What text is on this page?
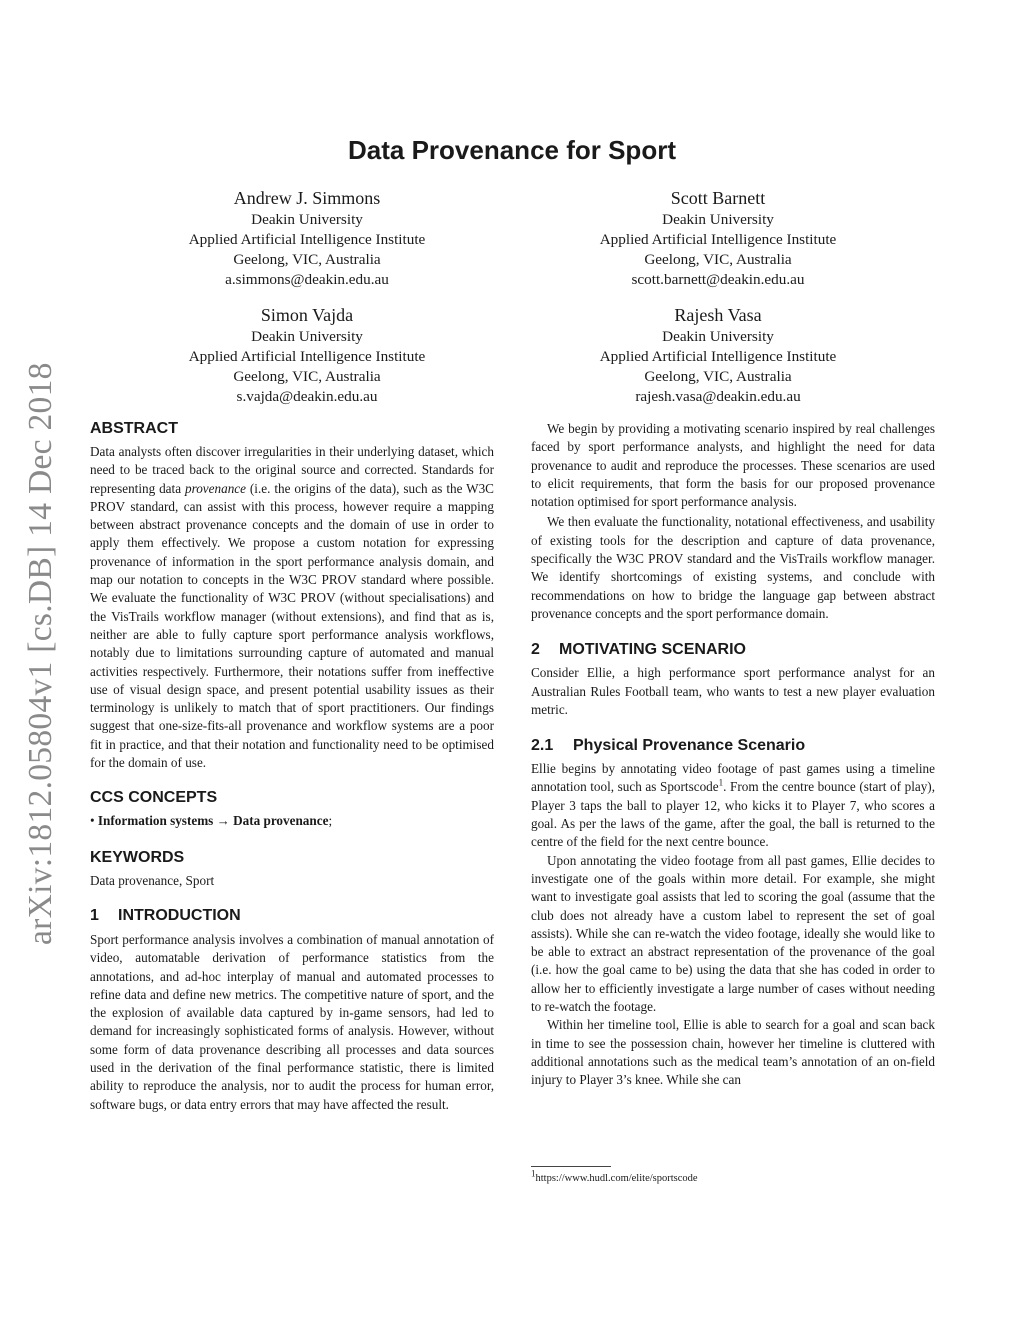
arXiv:1812.05804v1 [cs.DB] 14 Dec 2018
Data Provenance for Sport
Andrew J. Simmons
Deakin University
Applied Artificial Intelligence Institute
Geelong, VIC, Australia
a.simmons@deakin.edu.au
Scott Barnett
Deakin University
Applied Artificial Intelligence Institute
Geelong, VIC, Australia
scott.barnett@deakin.edu.au
Simon Vajda
Deakin University
Applied Artificial Intelligence Institute
Geelong, VIC, Australia
s.vajda@deakin.edu.au
Rajesh Vasa
Deakin University
Applied Artificial Intelligence Institute
Geelong, VIC, Australia
rajesh.vasa@deakin.edu.au
ABSTRACT

Data analysts often discover irregularities in their underlying dataset, which need to be traced back to the original source and corrected. Standards for representing data provenance (i.e. the origins of the data), such as the W3C PROV standard, can assist with this process, however require a mapping between abstract provenance concepts and the domain of use in order to apply them effectively. We propose a custom notation for expressing provenance of information in the sport performance analysis domain, and map our notation to concepts in the W3C PROV standard where possible. We evaluate the functionality of W3C PROV (without specialisations) and the VisTrails workflow manager (without extensions), and find that as is, neither are able to fully capture sport performance analysis workflows, notably due to limitations surrounding capture of automated and manual activities respectively. Furthermore, their notations suffer from ineffective use of visual design space, and present potential usability issues as their terminology is unlikely to match that of sport practitioners. Our findings suggest that one-size-fits-all provenance and workflow systems are a poor fit in practice, and that their notation and functionality need to be optimised for the domain of use.

CCS CONCEPTS

• Information systems → Data provenance;

KEYWORDS

Data provenance, Sport

1 INTRODUCTION

Sport performance analysis involves a combination of manual annotation of video, automatable derivation of performance statistics from the annotations, and ad-hoc interplay of manual and automated processes to refine data and define new metrics. The competitive nature of sport, and the the explosion of available data captured by in-game sensors, had led to demand for increasingly sophisticated forms of analysis. However, without some form of data provenance describing all processes and data sources used in the derivation of the final performance statistic, there is limited ability to reproduce the analysis, nor to audit the process for human error, software bugs, or data entry errors that may have affected the result.

We begin by providing a motivating scenario inspired by real challenges faced by sport performance analysts, and highlight the need for data provenance to audit and reproduce the processes. These scenarios are used to elicit requirements, that form the basis for our proposed provenance notation optimised for sport performance analysis.

We then evaluate the functionality, notational effectiveness, and usability of existing tools for the description and capture of data provenance, specifically the W3C PROV standard and the VisTrails workflow manager. We identify shortcomings of existing systems, and conclude with recommendations on how to bridge the language gap between abstract provenance concepts and the sport performance domain.

2 MOTIVATING SCENARIO

Consider Ellie, a high performance sport performance analyst for an Australian Rules Football team, who wants to test a new player evaluation metric.

2.1 Physical Provenance Scenario

Ellie begins by annotating video footage of past games using a timeline annotation tool, such as Sportscode$^1$. From the centre bounce (start of play), Player 3 taps the ball to player 12, who kicks it to Player 7, who scores a goal. As per the laws of the game, after the goal, the ball is returned to the centre of the field for the next centre bounce.

Upon annotating the video footage from all past games, Ellie decides to investigate one of the goals within more detail. For example, she might want to investigate goal assists that led to scoring the goal (assume that the club does not already have a custom label to represent the set of goal assists). While she can re-watch the video footage, ideally she would like to be able to extract an abstract representation of the provenance of the goal (i.e. how the goal came to be) using the data that she has coded in order to allow her to efficiently investigate a large number of cases without needing to re-watch the footage.

Within her timeline tool, Ellie is able to search for a goal and scan back in time to see the possession chain, however her timeline is cluttered with additional annotations such as the medical team’s annotation of an on-field injury to Player 3’s knee. While she can

$^1$https://www.hudl.com/elite/sportscode
